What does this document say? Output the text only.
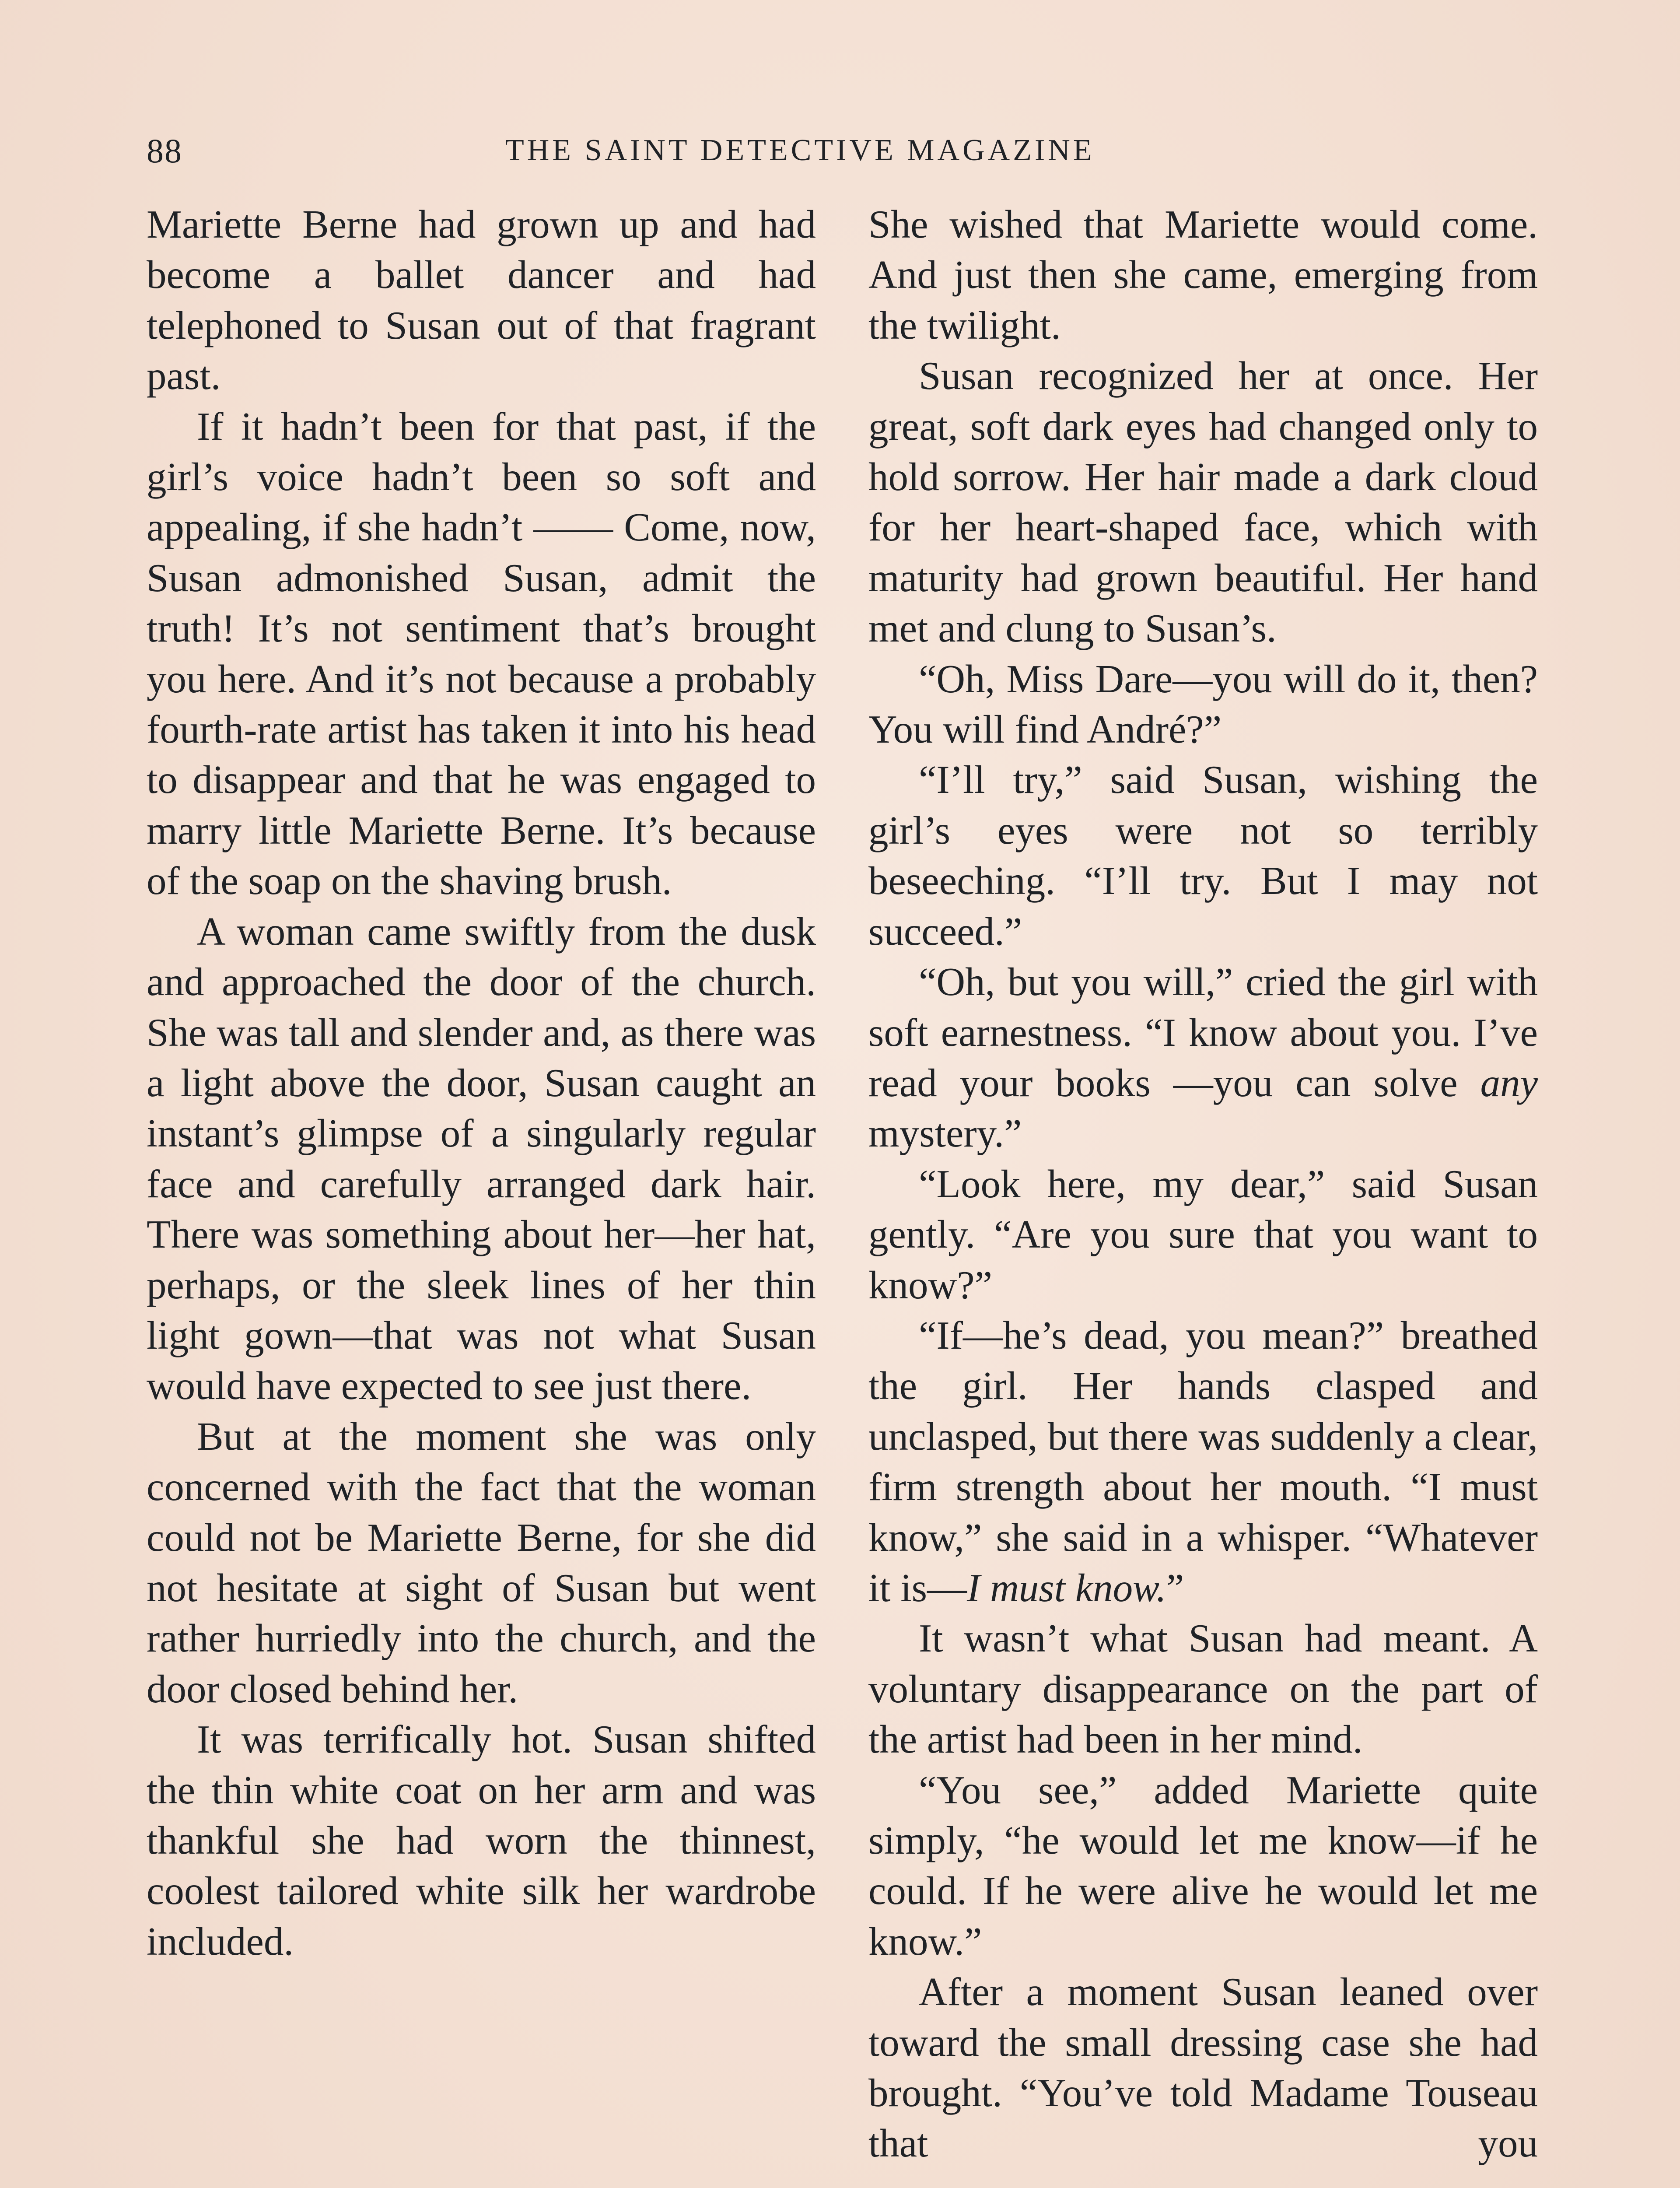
88	THE SAINT DETECTIVE MAGAZINE

Mariette Berne had grown up and had become a ballet dancer and had telephoned to Susan out of that fragrant past.

If it hadn’t been for that past, if the girl’s voice hadn’t been so soft and appealing, if she hadn’t —— Come, now, Susan admonished Susan, admit the truth! It’s not sentiment that’s brought you here. And it’s not because a probably fourth-rate artist has taken it into his head to disappear and that he was engaged to marry little Mariette Berne. It’s because of the soap on the shaving brush.

A woman came swiftly from the dusk and approached the door of the church. She was tall and slender and, as there was a light above the door, Susan caught an instant’s glimpse of a singularly regular face and carefully arranged dark hair. There was something about her—her hat, perhaps, or the sleek lines of her thin light gown—that was not what Susan would have expected to see just there.

But at the moment she was only concerned with the fact that the woman could not be Mariette Berne, for she did not hesitate at sight of Susan but went rather hurriedly into the church, and the door closed behind her.

It was terrifically hot. Susan shifted the thin white coat on her arm and was thankful she had worn the thinnest, coolest tailored white silk her wardrobe included.

She wished that Mariette would come. And just then she came, emerging from the twilight.

Susan recognized her at once. Her great, soft dark eyes had changed only to hold sorrow. Her hair made a dark cloud for her heart-shaped face, which with maturity had grown beautiful. Her hand met and clung to Susan’s.

“Oh, Miss Dare—you will do it, then? You will find André?”

“I’ll try,” said Susan, wishing the girl’s eyes were not so terribly beseeching. “I’ll try. But I may not succeed.”

“Oh, but you will,” cried the girl with soft earnestness. “I know about you. I’ve read your books —you can solve any mystery.”

“Look here, my dear,” said Susan gently. “Are you sure that you want to know?”

“If—he’s dead, you mean?” breathed the girl. Her hands clasped and unclasped, but there was suddenly a clear, firm strength about her mouth. “I must know,” she said in a whisper. “Whatever it is—I must know.”

It wasn’t what Susan had meant. A voluntary disappearance on the part of the artist had been in her mind.

“You see,” added Mariette quite simply, “he would let me know—if he could. If he were alive he would let me know.”

After a moment Susan leaned over toward the small dressing case she had brought. “You’ve told Madame Touseau that you
